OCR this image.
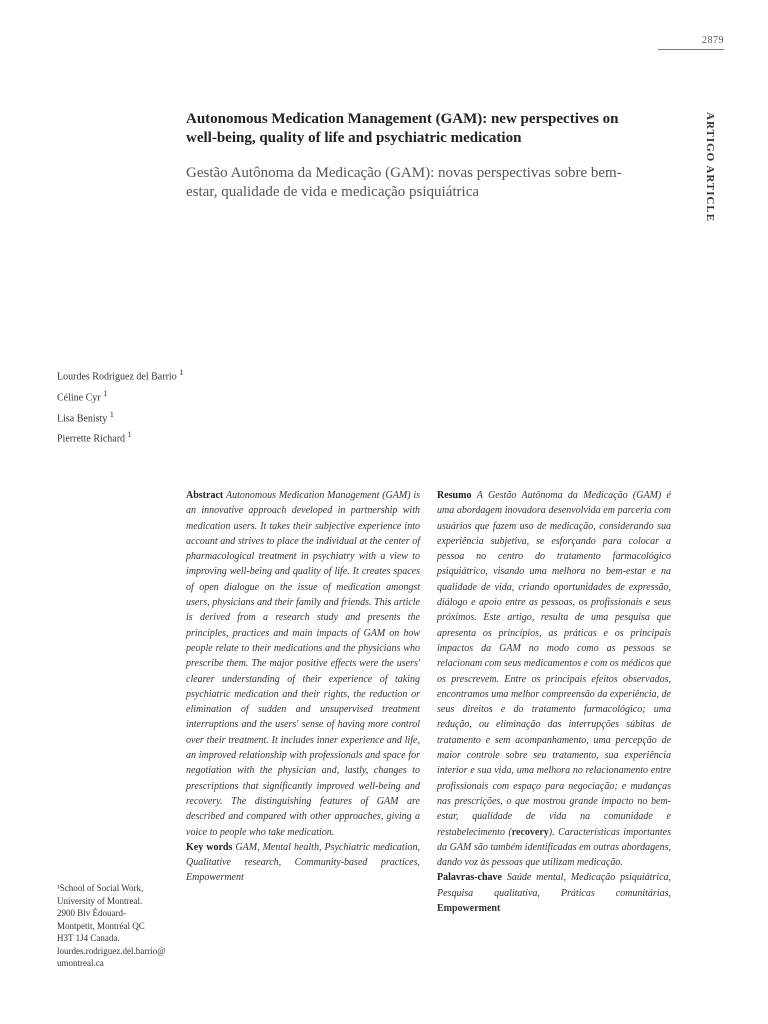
2879
ARTIGO ARTICLE
Autonomous Medication Management (GAM): new perspectives on well-being, quality of life and psychiatric medication
Gestão Autônoma da Medicação (GAM): novas perspectivas sobre bem-estar, qualidade de vida e medicação psiquiátrica
Lourdes Rodriguez del Barrio $^1$
Céline Cyr $^1$
Lisa Benisty $^1$
Pierrette Richard $^1$
¹School of Social Work,
University of Montreal.
2900 Blv Édouard-
Montpetit, Montréal QC
H3T 1J4 Canada.
lourdes.rodriguez.del.barrio@
umontreal.ca

Abstract Autonomous Medication Management (GAM) is an innovative approach developed in partnership with medication users. It takes their subjective experience into account and strives to place the individual at the center of pharmacological treatment in psychiatry with a view to improving well-being and quality of life. It creates spaces of open dialogue on the issue of medication amongst users, physicians and their family and friends. This article is derived from a research study and presents the principles, practices and main impacts of GAM on how people relate to their medications and the physicians who prescribe them. The major positive effects were the users' clearer understanding of their experience of taking psychiatric medication and their rights, the reduction or elimination of sudden and unsupervised treatment interruptions and the users' sense of having more control over their treatment. It includes inner experience and life, an improved relationship with professionals and space for negotiation with the physician and, lastly, changes to prescriptions that significantly improved well-being and recovery. The distinguishing features of GAM are described and compared with other approaches, giving a voice to people who take medication.

Key words GAM, Mental health, Psychiatric medication, Qualitative research, Community-based practices, Empowerment

Resumo A Gestão Autônoma da Medicação (GAM) é uma abordagem inovadora desenvolvida em parceria com usuários que fazem uso de medicação, considerando sua experiência subjetiva, se esforçando para colocar a pessoa no centro do tratamento farmacológico psiquiátrico, visando uma melhora no bem-estar e na qualidade de vida, criando oportunidades de expressão, diálogo e apoio entre as pessoas, os profissionais e seus próximos. Este artigo, resulta de uma pesquisa que apresenta os princípios, as práticas e os principais impactos da GAM no modo como as pessoas se relacionam com seus medicamentos e com os médicos que os prescrevem. Entre os principais efeitos observados, encontramos uma melhor compreensão da experiência, de seus direitos e do tratamento farmacológico; uma redução, ou eliminação das interrupções súbitas de tratamento e sem acompanhamento, uma percepção de maior controle sobre seu tratamento, sua experiência interior e sua vida, uma melhora no relacionamento entre profissionais com espaço para negociação; e mudanças nas prescrições, o que mostrou grande impacto no bem-estar, qualidade de vida na comunidade e restabelecimento (recovery). Características importantes da GAM são também identificadas em outras abordagens, dando voz às pessoas que utilizam medicação.

Palavras-chave Saúde mental, Medicação psiquiátrica, Pesquisa qualitativa, Práticas comunitárias, Empowerment
